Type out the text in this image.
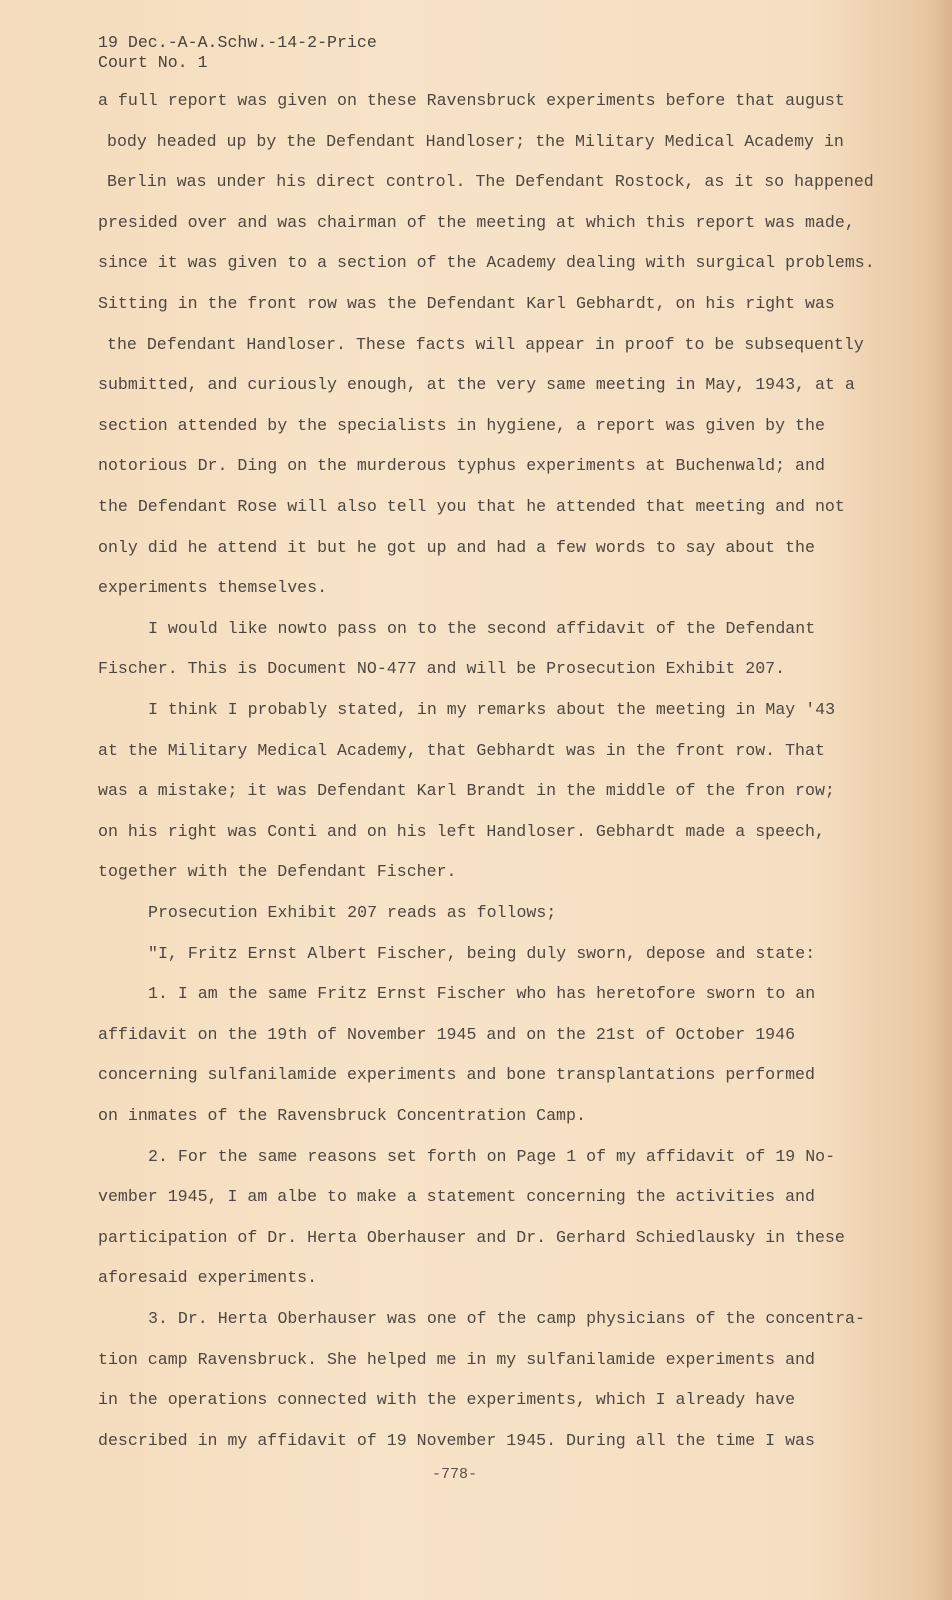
19 Dec.-A-A.Schw.-14-2-Price
Court No. 1
a full report was given on these Ravensbruck experiments before that august
body headed up by the Defendant Handloser; the Military Medical Academy in
Berlin was under his direct control. The Defendant Rostock, as it so happened
presided over and was chairman of the meeting at which this report was made,
since it was given to a section of the Academy dealing with surgical problems.
Sitting in the front row was the Defendant Karl Gebhardt, on his right was
the Defendant Handloser. These facts will appear in proof to be subsequently
submitted, and curiously enough, at the very same meeting in May, 1943, at a
section attended by the specialists in hygiene, a report was given by the
notorious Dr. Ding on the murderous typhus experiments at Buchenwald; and
the Defendant Rose will also tell you that he attended that meeting and not
only did he attend it but he got up and had a few words to say about the
experiments themselves.
I would like nowto pass on to the second affidavit of the Defendant
Fischer. This is Document NO-477 and will be Prosecution Exhibit 207.
I think I probably stated, in my remarks about the meeting in May '43
at the Military Medical Academy, that Gebhardt was in the front row. That
was a mistake; it was Defendant Karl Brandt in the middle of the fron row;
on his right was Conti and on his left Handloser. Gebhardt made a speech,
together with the Defendant Fischer.
Prosecution Exhibit 207 reads as follows;
"I, Fritz Ernst Albert Fischer, being duly sworn, depose and state:
1. I am the same Fritz Ernst Fischer who has heretofore sworn to an
affidavit on the 19th of November 1945 and on the 21st of October 1946
concerning sulfanilamide experiments and bone transplantations performed
on inmates of the Ravensbruck Concentration Camp.
2. For the same reasons set forth on Page 1 of my affidavit of 19 No-
vember 1945, I am albe to make a statement concerning the activities and
participation of Dr. Herta Oberhauser and Dr. Gerhard Schiedlausky in these
aforesaid experiments.
3. Dr. Herta Oberhauser was one of the camp physicians of the concentra-
tion camp Ravensbruck. She helped me in my sulfanilamide experiments and
in the operations connected with the experiments, which I already have
described in my affidavit of 19 November 1945. During all the time I was
-778-
